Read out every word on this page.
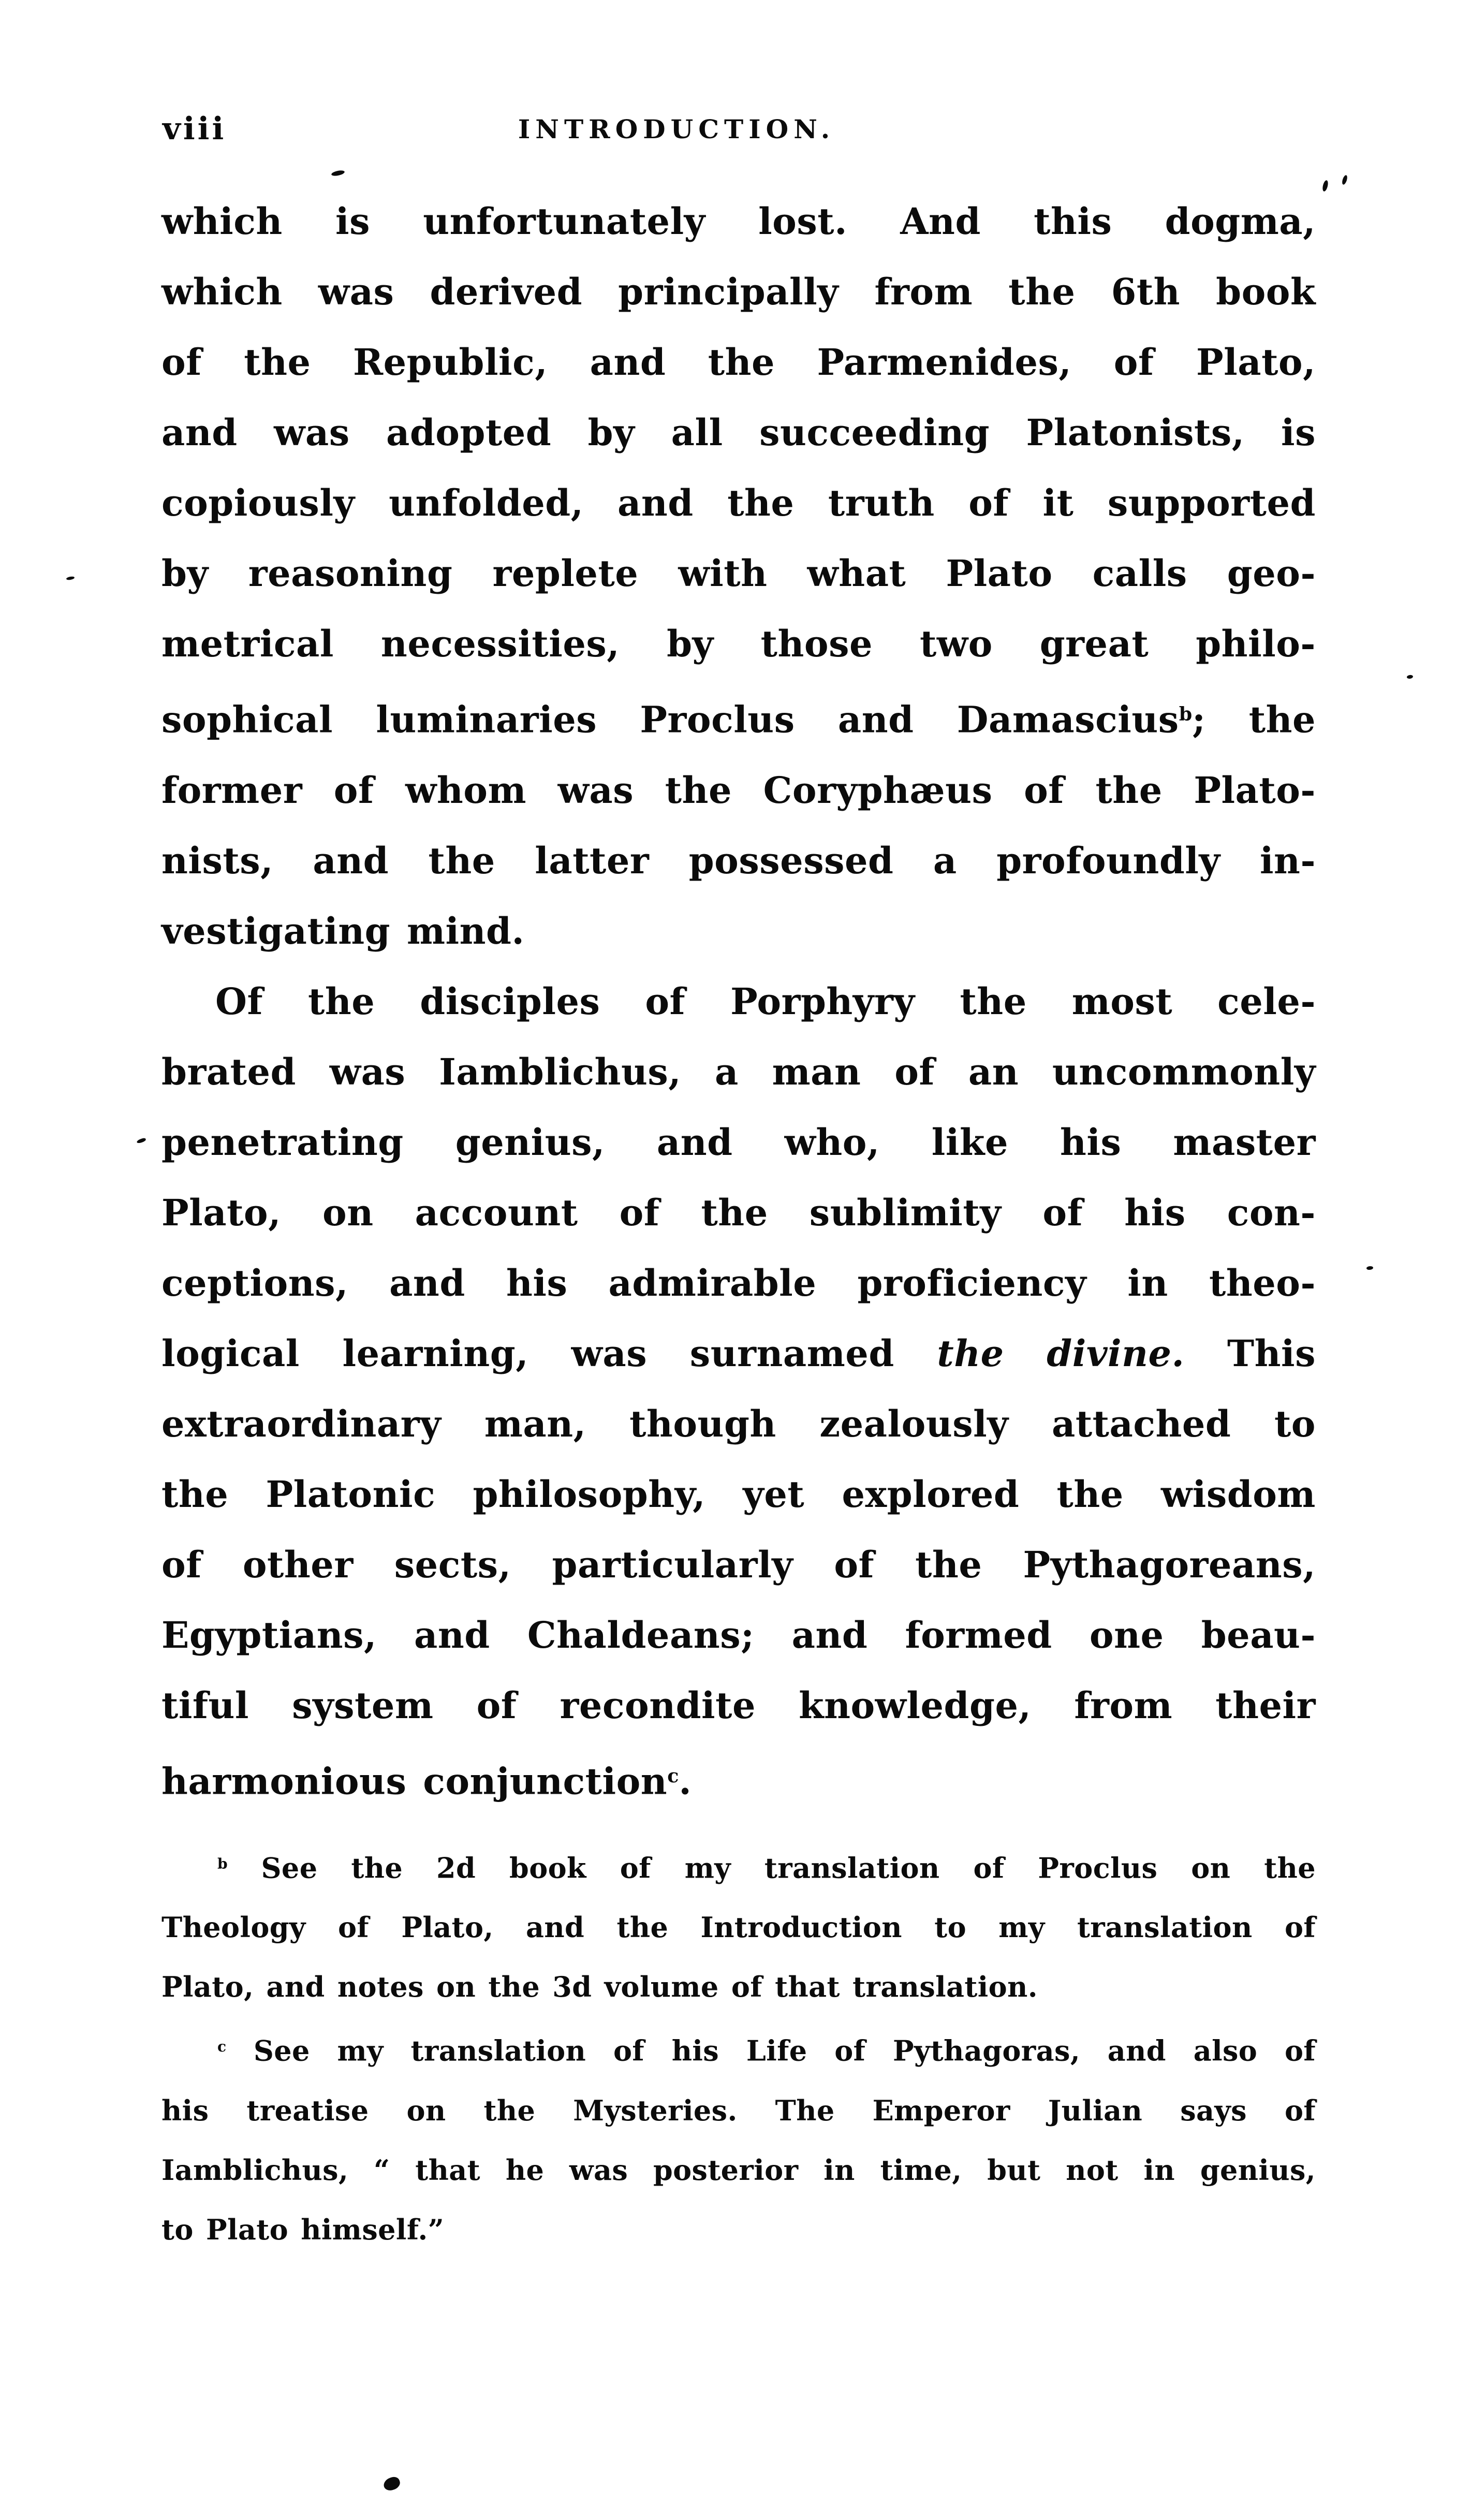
viii	INTRODUCTION.
which is unfortunately lost. And this dogma,
which was derived principally from the 6th book
of the Republic, and the Parmenides, of Plato,
and was adopted by all succeeding Platonists, is
copiously unfolded, and the truth of it supported
by reasoning replete with what Plato calls geo-
metrical necessities, by those two great philo-
sophical luminaries Proclus and Damascius$^b$; the
former of whom was the Coryphæus of the Plato-
nists, and the latter possessed a profoundly in-
vestigating mind.
Of the disciples of Porphyry the most cele-
brated was Iamblichus, a man of an uncommonly
penetrating genius, and who, like his master
Plato, on account of the sublimity of his con-
ceptions, and his admirable proficiency in theo-
logical learning, was surnamed the divine. This
extraordinary man, though zealously attached to
the Platonic philosophy, yet explored the wisdom
of other sects, particularly of the Pythagoreans,
Egyptians, and Chaldeans; and formed one beau-
tiful system of recondite knowledge, from their
harmonious conjunction$^c$.
$^b$ See the 2d book of my translation of Proclus on the
Theology of Plato, and the Introduction to my translation of
Plato, and notes on the 3d volume of that translation.
$^c$ See my translation of his Life of Pythagoras, and also of
his treatise on the Mysteries. The Emperor Julian says of
Iamblichus, “ that he was posterior in time, but not in genius,
to Plato himself.”
